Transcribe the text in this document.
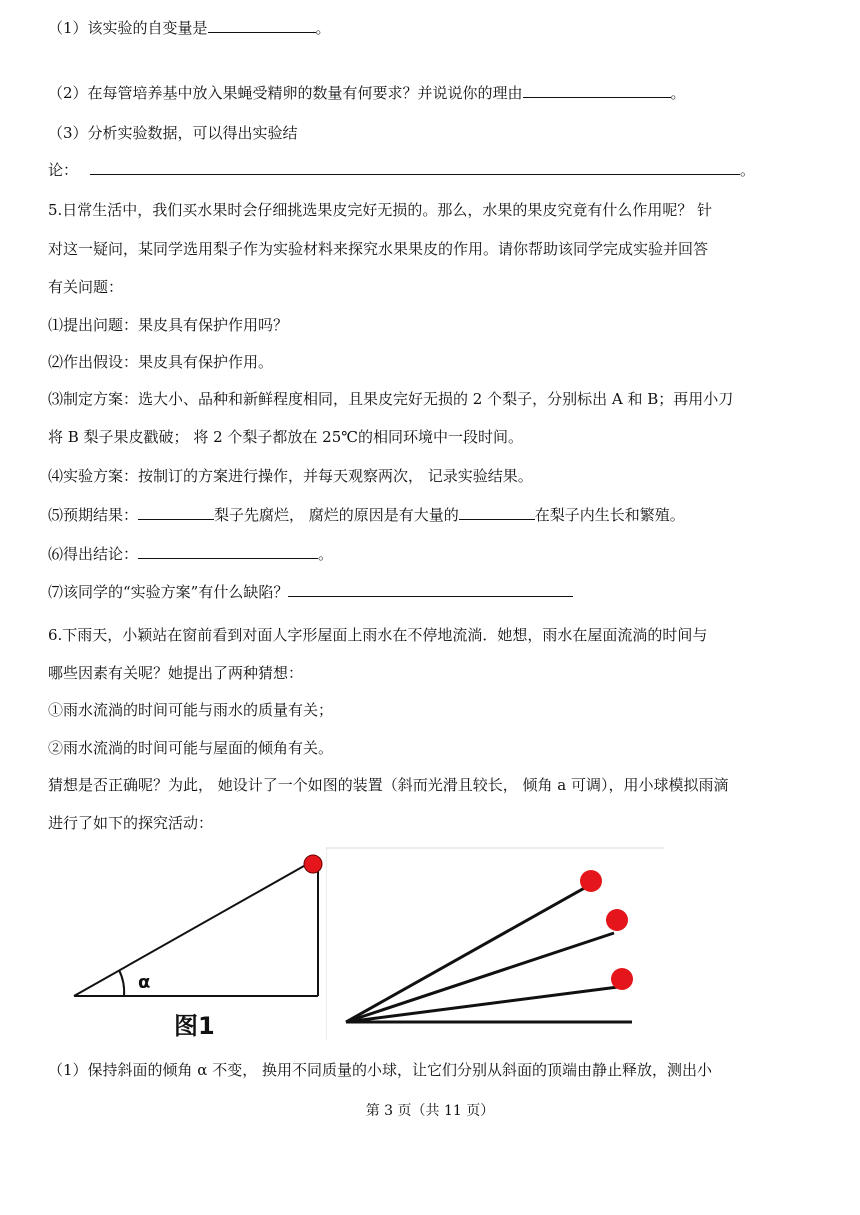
（1）该实验的自变量是	。
（2）在每管培养基中放入果蝇受精卵的数量有何要求？并说说你的理由	。
（3）分析实验数据，可以得出实验结
论：	。
5.日常生活中，我们买水果时会仔细挑选果皮完好无损的。那么，水果的果皮究竟有什么作用呢？ 针
对这一疑问，某同学选用梨子作为实验材料来探究水果果皮的作用。请你帮助该同学完成实验并回答
有关问题：
⑴提出问题：果皮具有保护作用吗？
⑵作出假设：果皮具有保护作用。
⑶制定方案：选大小、品种和新鲜程度相同，且果皮完好无损的 2 个梨子，分别标出 A 和 B；再用小刀
将 B 梨子果皮戳破； 将 2 个梨子都放在 25℃的相同环境中一段时间。
⑷实验方案：按制订的方案进行操作，并每天观察两次， 记录实验结果。
⑸预期结果：	梨子先腐烂， 腐烂的原因是有大量的	在梨子内生长和繁殖。
⑹得出结论：	。
⑺该同学的“实验方案”有什么缺陷？
6.下雨天，小颖站在窗前看到对面人字形屋面上雨水在不停地流淌．她想，雨水在屋面流淌的时间与
哪些因素有关呢？她提出了两种猜想：
①雨水流淌的时间可能与雨水的质量有关；
②雨水流淌的时间可能与屋面的倾角有关。
猜想是否正确呢？为此， 她设计了一个如图的装置（斜而光滑且较长， 倾角 a 可调），用小球模拟雨滴
进行了如下的探究活动：
α
图1
（1）保持斜面的倾角 α 不变， 换用不同质量的小球，让它们分别从斜面的顶端由静止释放，测出小
第 3 页（共 11 页）
